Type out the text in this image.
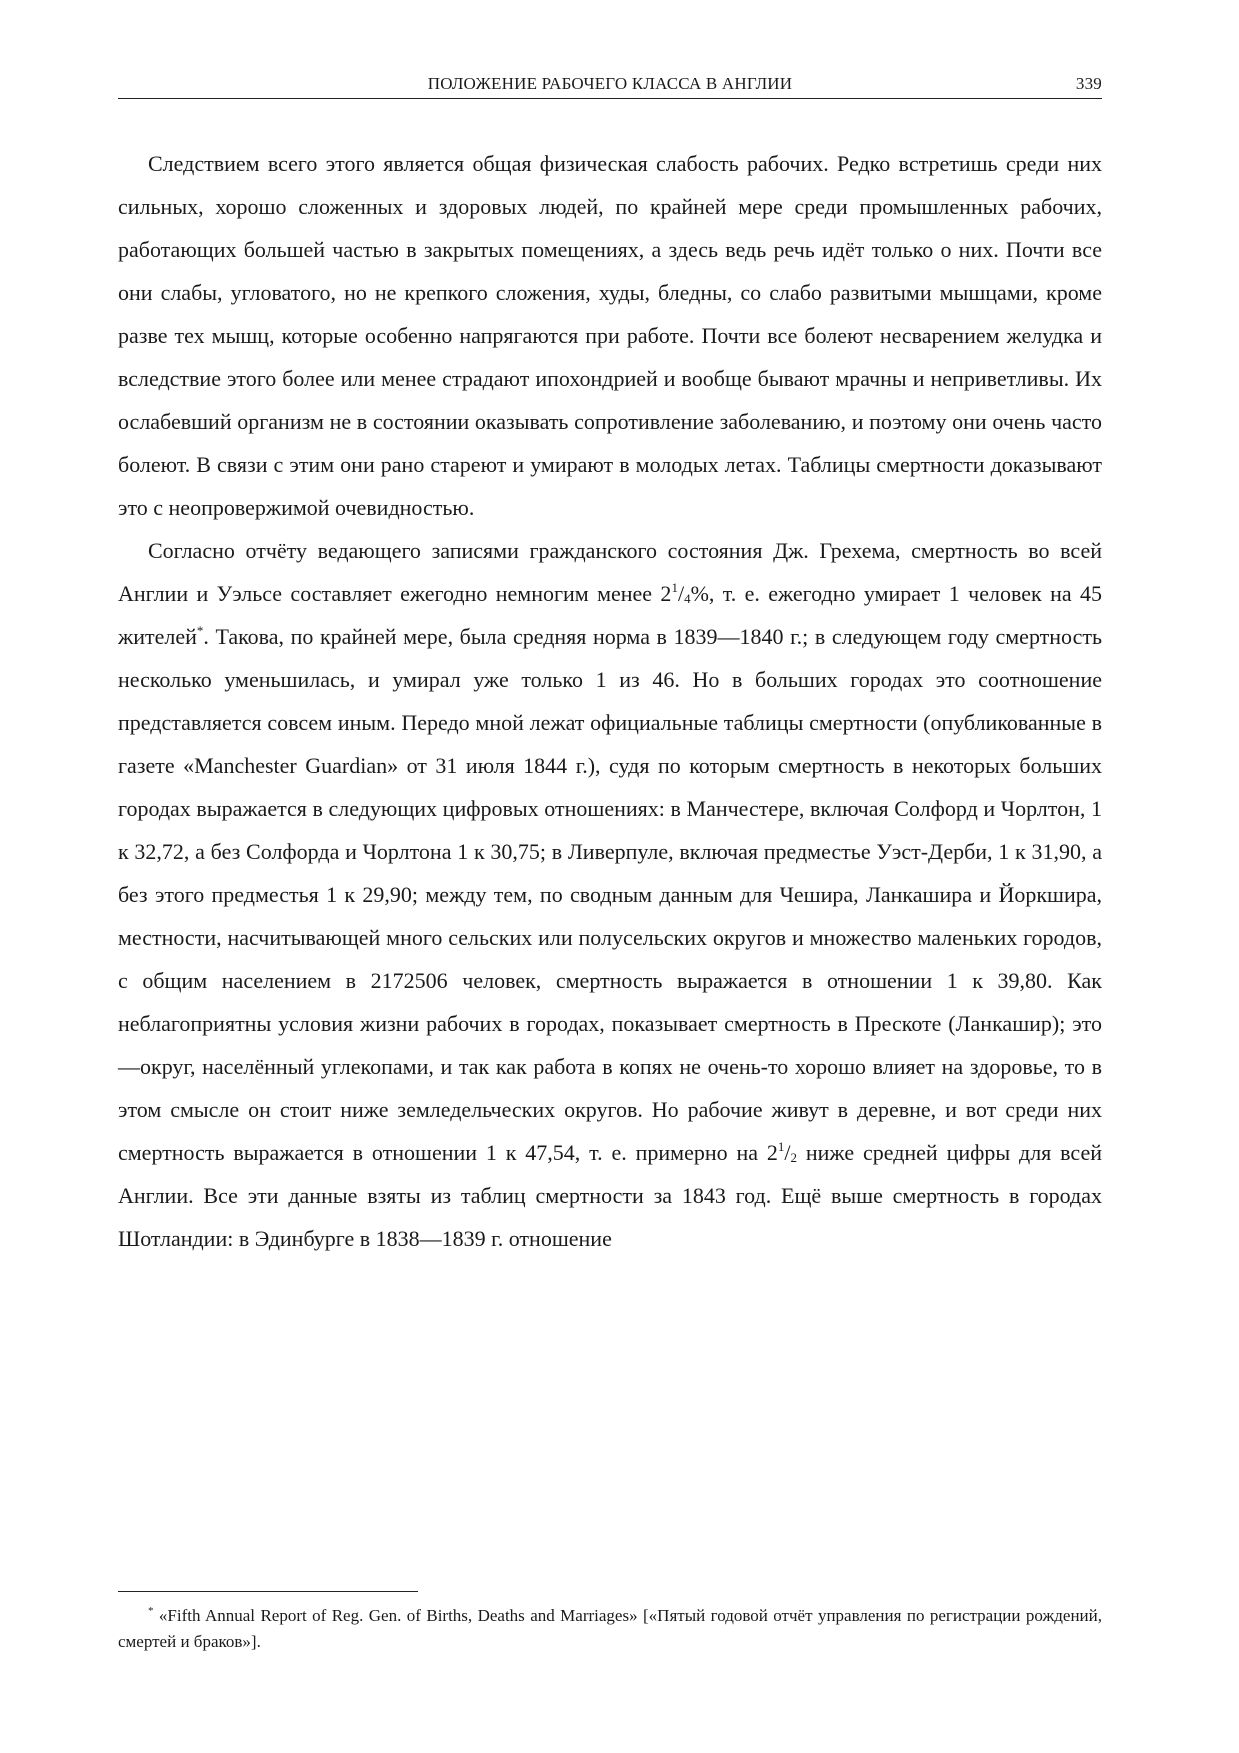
ПОЛОЖЕНИЕ РАБОЧЕГО КЛАССА В АНГЛИИ	339

Следствием всего этого является общая физическая слабость рабочих. Редко встретишь среди них сильных, хорошо сложенных и здоровых людей, по крайней мере среди промышленных рабочих, работающих большей частью в закрытых помещениях, а здесь ведь речь идёт только о них. Почти все они слабы, угловатого, но не крепкого сложения, худы, бледны, со слабо развитыми мышцами, кроме разве тех мышц, которые особенно напрягаются при работе. Почти все болеют несварением желудка и вследствие этого более или менее страдают ипохондрией и вообще бывают мрачны и неприветливы. Их ослабевший организм не в состоянии оказывать сопротивление заболеванию, и поэтому они очень часто болеют. В связи с этим они рано стареют и умирают в молодых летах. Таблицы смертности доказывают это с неопровержимой очевидностью.

Согласно отчёту ведающего записями гражданского состояния Дж. Грехема, смертность во всей Англии и Уэльсе составляет ежегодно немногим менее $2^1/_4\%$, т. е. ежегодно умирает 1 человек на 45 жителей*. Такова, по крайней мере, была средняя норма в 1839—1840 г.; в следующем году смертность несколько уменьшилась, и умирал уже только 1 из 46. Но в больших городах это соотношение представляется совсем иным. Передо мной лежат официальные таблицы смертности (опубликованные в газете «Manchester Guardian» от 31 июля 1844 г.), судя по которым смертность в некоторых больших городах выражается в следующих цифровых отношениях: в Манчестере, включая Солфорд и Чорлтон, 1 к 32,72, а без Солфорда и Чорлтона 1 к 30,75; в Ливерпуле, включая предместье Уэст-Дерби, 1 к 31,90, а без этого предместья 1 к 29,90; между тем, по сводным данным для Чешира, Ланкашира и Йоркшира, местности, насчитывающей много сельских или полусельских округов и множество маленьких городов, с общим населением в 2172506 человек, смертность выражается в отношении 1 к 39,80. Как неблагоприятны условия жизни рабочих в городах, показывает смертность в Прескоте (Ланкашир); это—округ, населённый углекопами, и так как работа в копях не очень-то хорошо влияет на здоровье, то в этом смысле он стоит ниже земледельческих округов. Но рабочие живут в деревне, и вот среди них смертность выражается в отношении 1 к 47,54, т. е. примерно на $2^1/_2$ ниже средней цифры для всей Англии. Все эти данные взяты из таблиц смертности за 1843 год. Ещё выше смертность в городах Шотландии: в Эдинбурге в 1838—1839 г. отношение

* «Fifth Annual Report of Reg. Gen. of Births, Deaths and Marriages» [«Пятый годовой отчёт управления по регистрации рождений, смертей и браков»].
